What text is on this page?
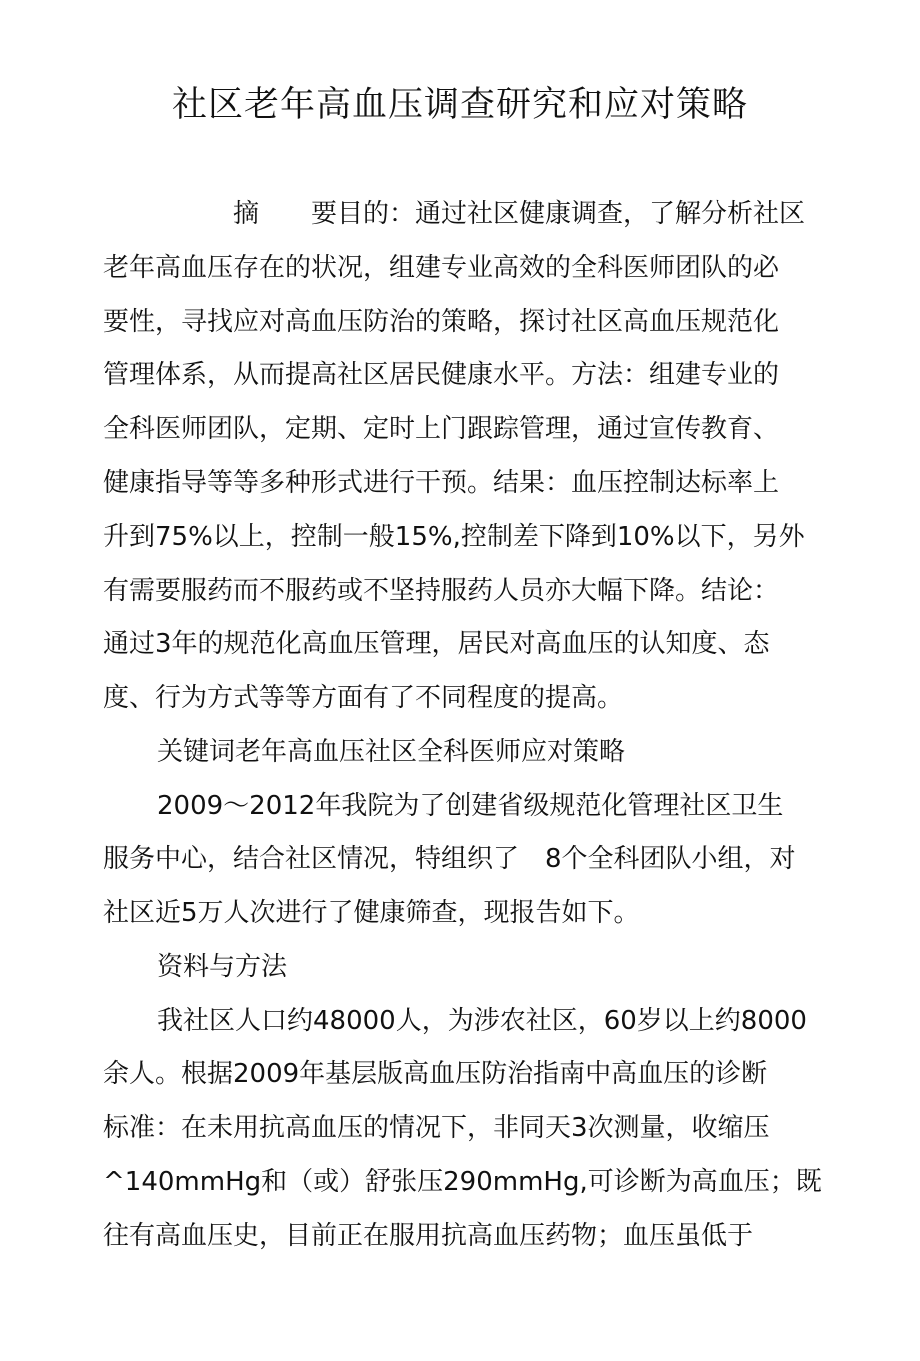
社区老年高血压调查研究和应对策略

摘　　要目的：通过社区健康调查，了解分析社区

老年高血压存在的状况，组建专业高效的全科医师团队的必

要性，寻找应对高血压防治的策略，探讨社区高血压规范化

管理体系，从而提高社区居民健康水平。方法：组建专业的

全科医师团队，定期、定时上门跟踪管理，通过宣传教育、

健康指导等等多种形式进行干预。结果：血压控制达标率上

升到75%以上，控制一般15%,控制差下降到10%以下，另外

有需要服药而不服药或不坚持服药人员亦大幅下降。结论：

通过3年的规范化高血压管理，居民对高血压的认知度、态

度、行为方式等等方面有了不同程度的提高。

关键词老年高血压社区全科医师应对策略

2009～2012年我院为了创建省级规范化管理社区卫生

服务中心，结合社区情况，特组织了　8个全科团队小组，对

社区近5万人次进行了健康筛查，现报告如下。

资料与方法

我社区人口约48000人，为涉农社区，60岁以上约8000

余人。根据2009年基层版高血压防治指南中高血压的诊断

标准：在未用抗高血压的情况下，非同天3次测量，收缩压

^140mmHg和（或）舒张压290mmHg,可诊断为高血压；既

往有高血压史，目前正在服用抗高血压药物；血压虽低于
